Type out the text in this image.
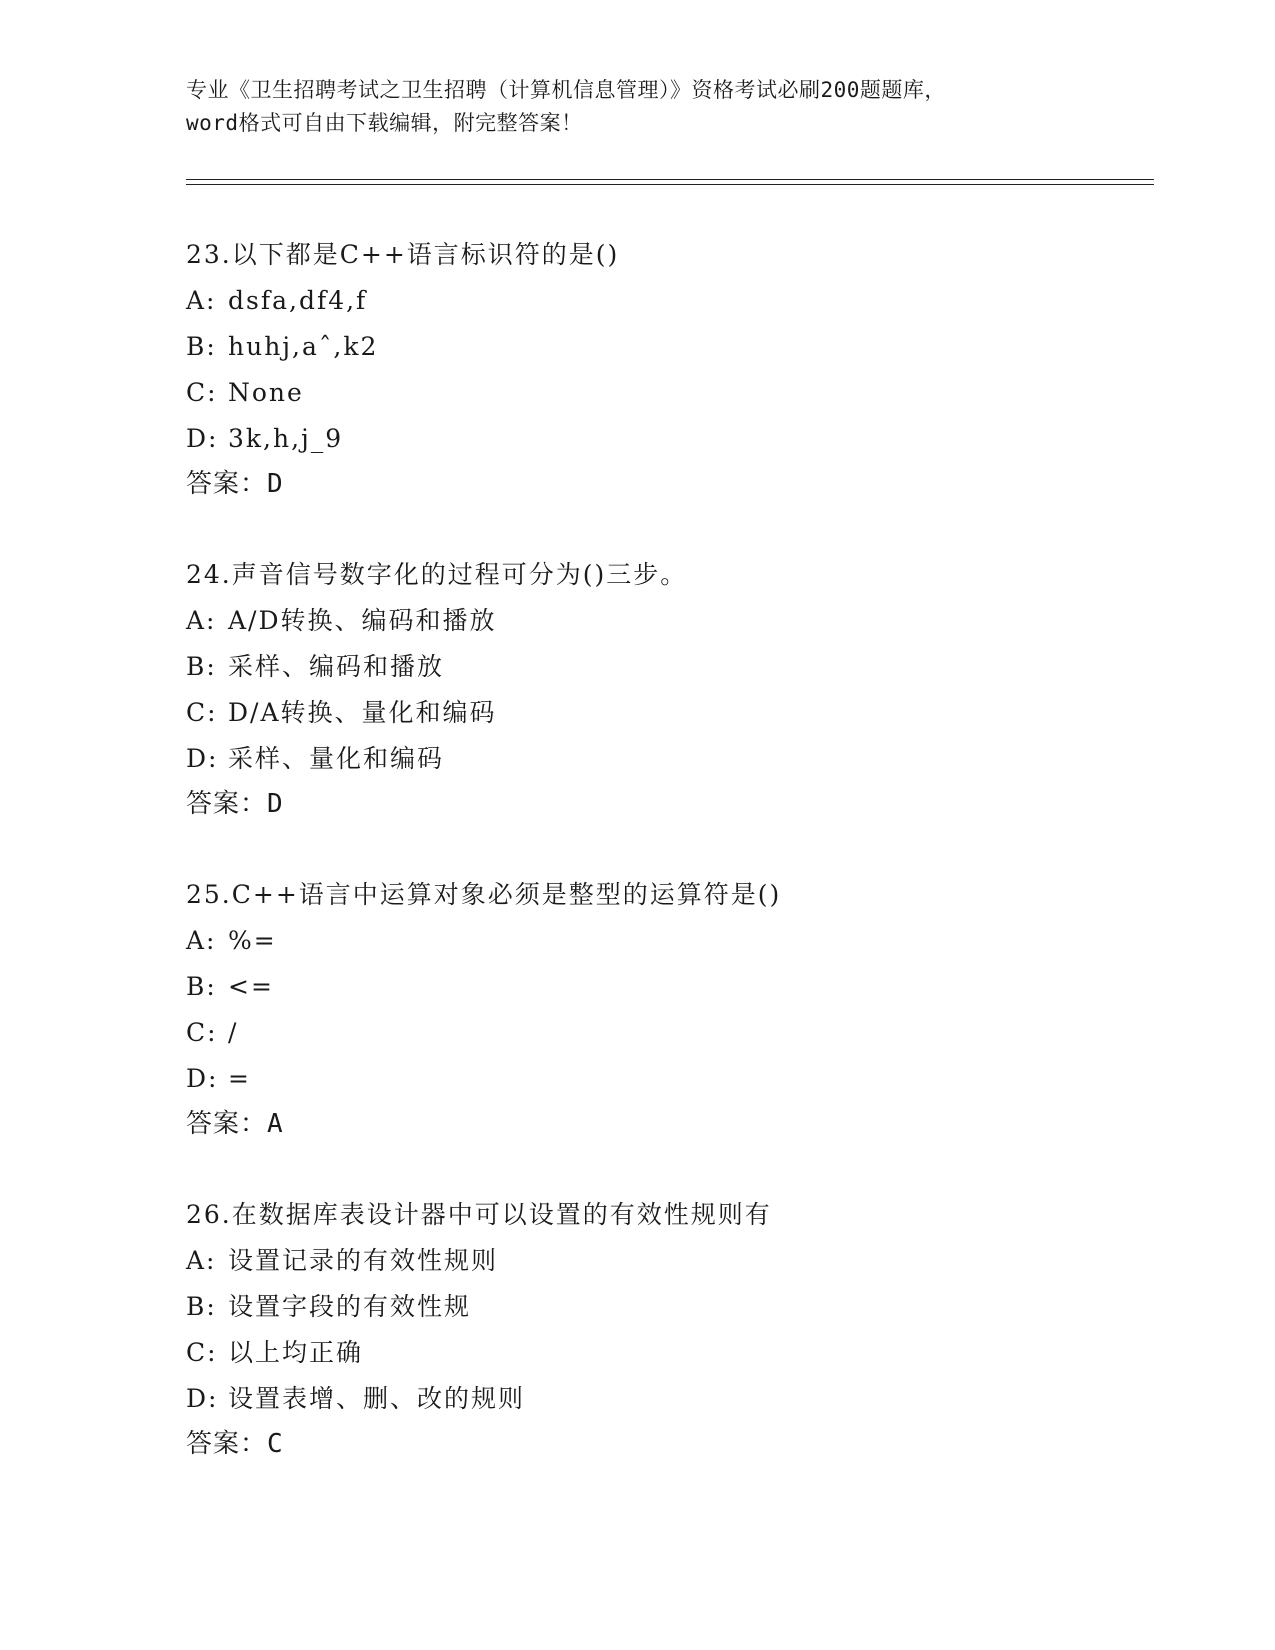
专业《卫生招聘考试之卫生招聘（计算机信息管理）》资格考试必刷200题题库，
word格式可自由下载编辑，附完整答案！
23.以下都是C++语言标识符的是()
A: dsfa,df4,f
B: huhj,aˆ,k2
C: None
D: 3k,h,j_9
答案：D
24.声音信号数字化的过程可分为()三步。
A: A/D转换、编码和播放
B: 采样、编码和播放
C: D/A转换、量化和编码
D: 采样、量化和编码
答案：D
25.C++语言中运算对象必须是整型的运算符是()
A: %=
B: <=
C: /
D: =
答案：A
26.在数据库表设计器中可以设置的有效性规则有
A: 设置记录的有效性规则
B: 设置字段的有效性规
C: 以上均正确
D: 设置表增、删、改的规则
答案：C
